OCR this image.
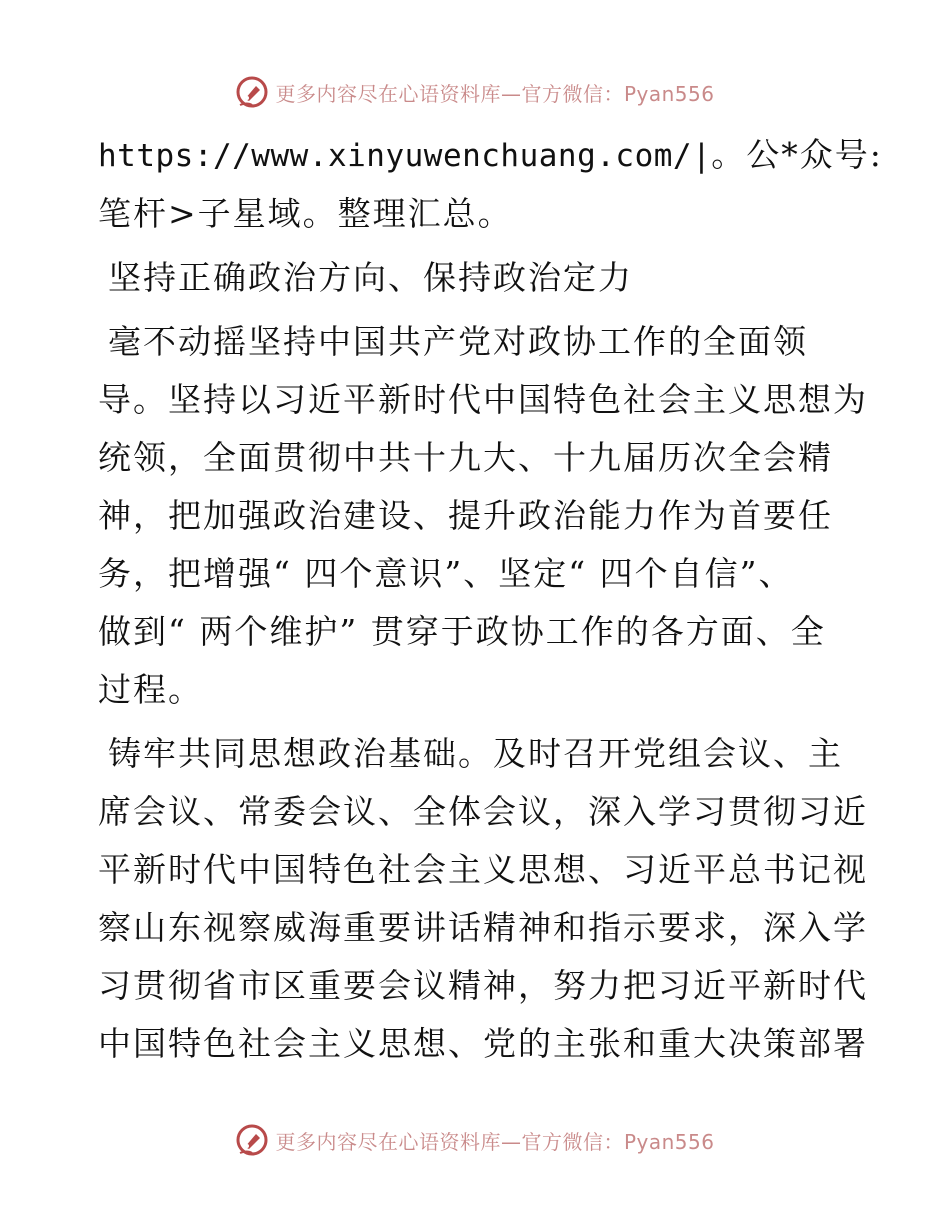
更多内容尽在心语资料库—官方微信：Pyan556

https://www.xinyuwenchuang.com/|。公*众号:
笔杆>子星域。整理汇总。

坚持正确政治方向、保持政治定力

毫不动摇坚持中国共产党对政协工作的全面领
导。坚持以习近平新时代中国特色社会主义思想为
统领，全面贯彻中共十九大、十九届历次全会精
神，把加强政治建设、提升政治能力作为首要任
务，把增强“ 四个意识”、坚定“ 四个自信”、
做到“ 两个维护” 贯穿于政协工作的各方面、全
过程。

铸牢共同思想政治基础。及时召开党组会议、主
席会议、常委会议、全体会议，深入学习贯彻习近
平新时代中国特色社会主义思想、习近平总书记视
察山东视察威海重要讲话精神和指示要求，深入学
习贯彻省市区重要会议精神，努力把习近平新时代
中国特色社会主义思想、党的主张和重大决策部署

更多内容尽在心语资料库—官方微信：Pyan556
